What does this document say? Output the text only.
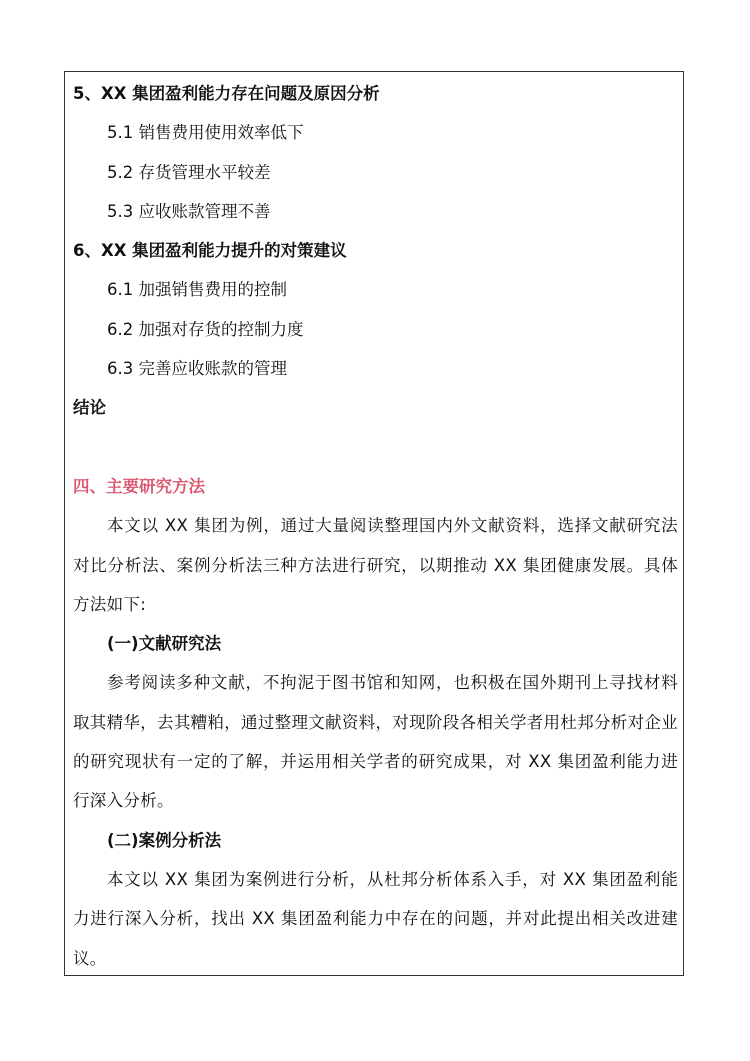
5、XX 集团盈利能力存在问题及原因分析
5.1 销售费用使用效率低下
5.2 存货管理水平较差
5.3 应收账款管理不善
6、XX 集团盈利能力提升的对策建议
6.1 加强销售费用的控制
6.2 加强对存货的控制力度
6.3 完善应收账款的管理
结论
四、主要研究方法

本文以 XX 集团为例，通过大量阅读整理国内外文献资料，选择文献研究法对比分析法、案例分析法三种方法进行研究，以期推动 XX 集团健康发展。具体方法如下:

(一)文献研究法

参考阅读多种文献，不拘泥于图书馆和知网，也积极在国外期刊上寻找材料取其精华，去其糟粕，通过整理文献资料，对现阶段各相关学者用杜邦分析对企业的研究现状有一定的了解，并运用相关学者的研究成果，对 XX 集团盈利能力进行深入分析。

(二)案例分析法

本文以 XX 集团为案例进行分析，从杜邦分析体系入手，对 XX 集团盈利能力进行深入分析，找出 XX 集团盈利能力中存在的问题，并对此提出相关改进建议。
